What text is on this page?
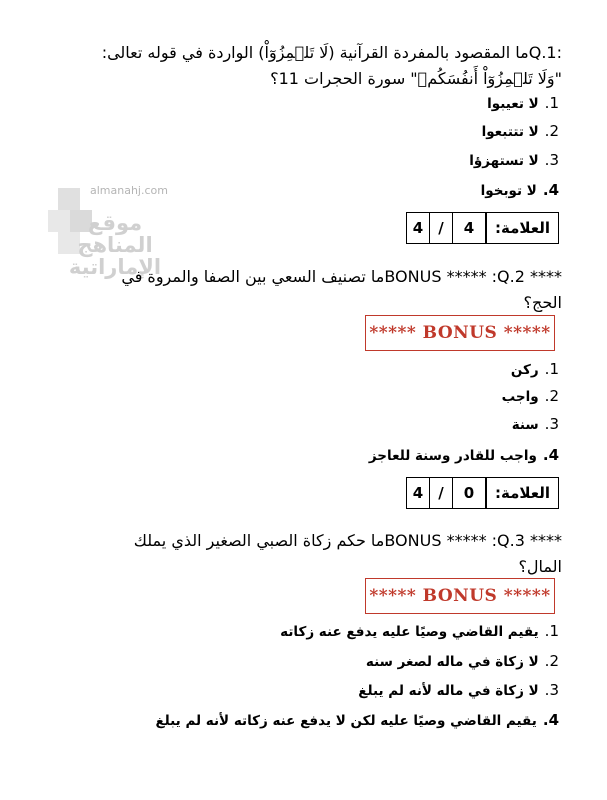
almanahj.com
موقع المناهج الإماراتية
:Q.1ما المقصود بالمفردة القرآنية (لَا تَلۡمِزُوٓاْ) الواردة في قوله تعالى:
"وَلَا تَلۡمِزُوٓاْ أَنفُسَكُمۡ" سورة الحجرات 11؟
1.لا تعيبوا
2.لا تتتبعوا
3.لا تستهزؤا
4.لا توبخوا
العلامة:
4
/
4
**** BONUS ***** :Q.2ما تصنيف السعي بين الصفا والمروة في
الحج؟
***** BONUS *****
1.ركن
2.واجب
3.سنة
4.واجب للقادر وسنة للعاجز
العلامة:
0
/
4
**** BONUS ***** :Q.3ما حكم زكاة الصبي الصغير الذي يملك
المال؟
***** BONUS *****
1.يقيم القاضي وصيًا عليه يدفع عنه زكاته
2.لا زكاة في ماله لصغر سنه
3.لا زكاة في ماله لأنه لم يبلغ
4.يقيم القاضي وصيًا عليه لكن لا يدفع عنه زكاته لأنه لم يبلغ
